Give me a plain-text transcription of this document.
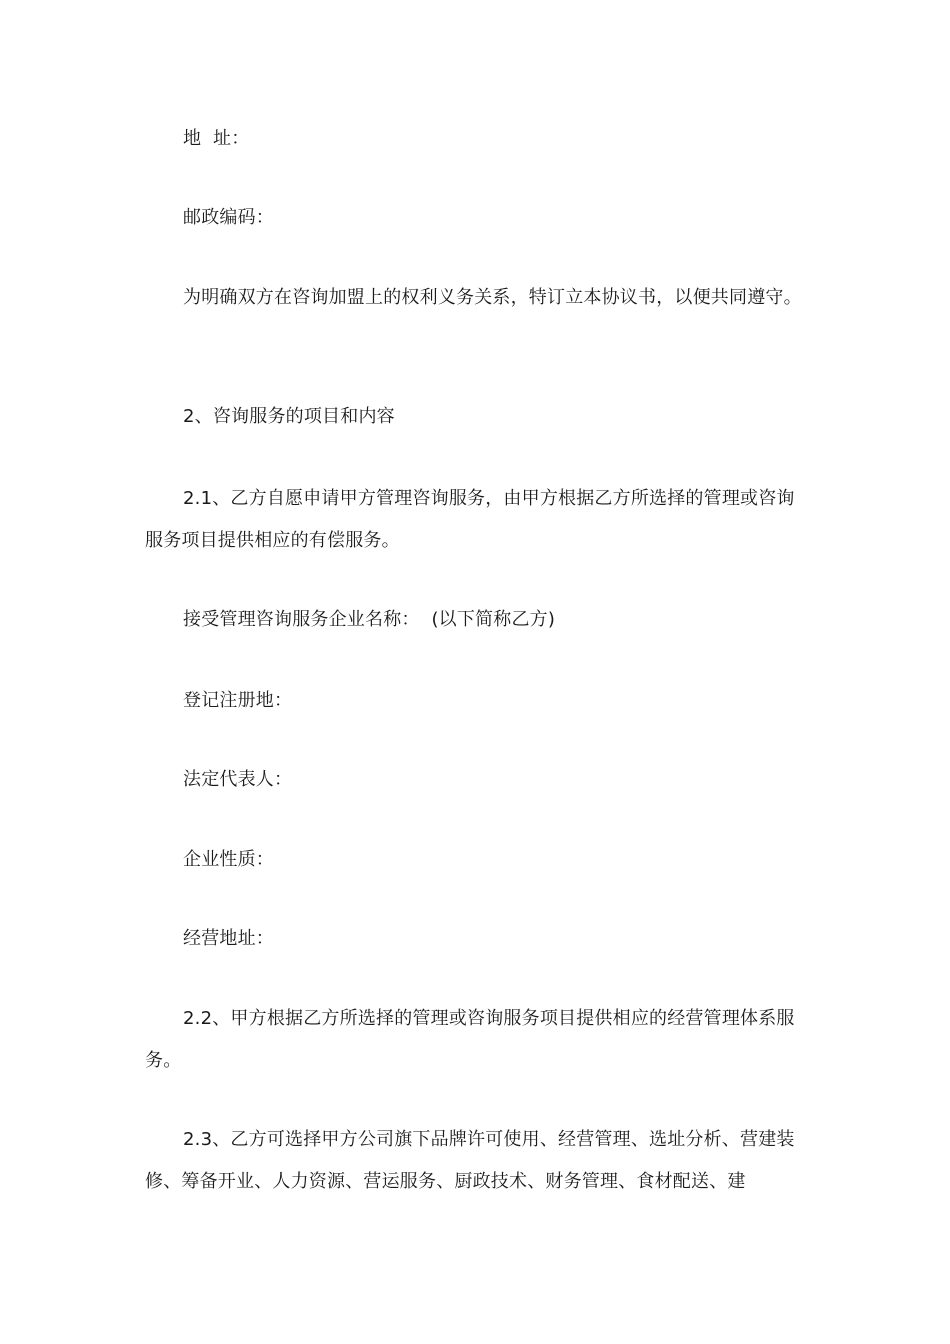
地  址：

邮政编码：

为明确双方在咨询加盟上的权利义务关系，特订立本协议书，以便共同遵守。

2、咨询服务的项目和内容

2.1、乙方自愿申请甲方管理咨询服务，由甲方根据乙方所选择的管理或咨询服务项目提供相应的有偿服务。

接受管理咨询服务企业名称：  (以下简称乙方)

登记注册地：

法定代表人：

企业性质：

经营地址：

2.2、甲方根据乙方所选择的管理或咨询服务项目提供相应的经营管理体系服务。

2.3、乙方可选择甲方公司旗下品牌许可使用、经营管理、选址分析、营建装修、筹备开业、人力资源、营运服务、厨政技术、财务管理、食材配送、建
